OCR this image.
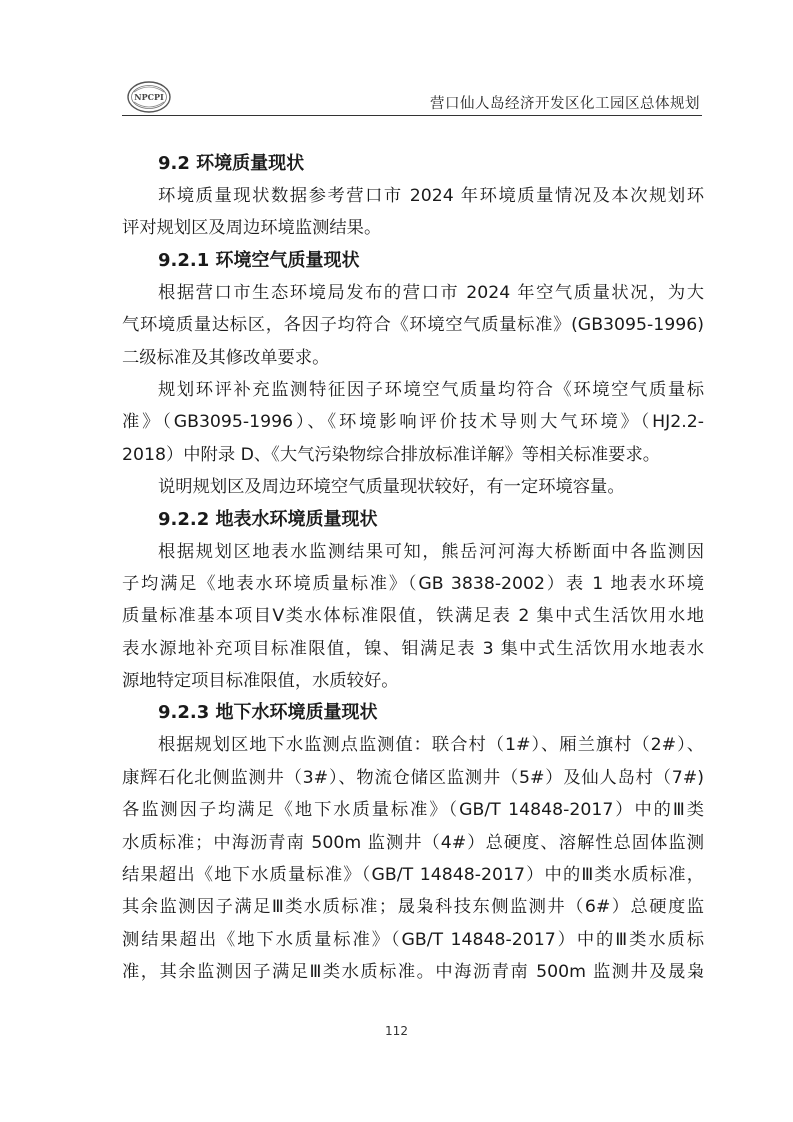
NPCPI	营口仙人岛经济开发区化工园区总体规划
9.2 环境质量现状

环境质量现状数据参考营口市 2024 年环境质量情况及本次规划环
评对规划区及周边环境监测结果。

9.2.1 环境空气质量现状

根据营口市生态环境局发布的营口市 2024 年空气质量状况，为大
气环境质量达标区，各因子均符合《环境空气质量标准》(GB3095-1996)
二级标准及其修改单要求。

规划环评补充监测特征因子环境空气质量均符合《环境空气质量标
准》（GB3095-1996）、《环境影响评价技术导则大气环境》（HJ2.2-
2018）中附录 D、《大气污染物综合排放标准详解》等相关标准要求。

说明规划区及周边环境空气质量现状较好，有一定环境容量。

9.2.2 地表水环境质量现状

根据规划区地表水监测结果可知，熊岳河河海大桥断面中各监测因
子均满足《地表水环境质量标准》（GB 3838-2002）表 1 地表水环境
质量标准基本项目Ⅴ类水体标准限值，铁满足表 2 集中式生活饮用水地
表水源地补充项目标准限值，镍、钼满足表 3 集中式生活饮用水地表水
源地特定项目标准限值，水质较好。

9.2.3 地下水环境质量现状

根据规划区地下水监测点监测值：联合村（1#）、厢兰旗村（2#）、
康辉石化北侧监测井（3#）、物流仓储区监测井（5#）及仙人岛村（7#)
各监测因子均满足《地下水质量标准》（GB/T 14848-2017）中的Ⅲ类
水质标准；中海沥青南 500m 监测井（4#）总硬度、溶解性总固体监测
结果超出《地下水质量标准》（GB/T 14848-2017）中的Ⅲ类水质标准，
其余监测因子满足Ⅲ类水质标准；晟枭科技东侧监测井（6#）总硬度监
测结果超出《地下水质量标准》（GB/T 14848-2017）中的Ⅲ类水质标
准，其余监测因子满足Ⅲ类水质标准。中海沥青南 500m 监测井及晟枭

112
